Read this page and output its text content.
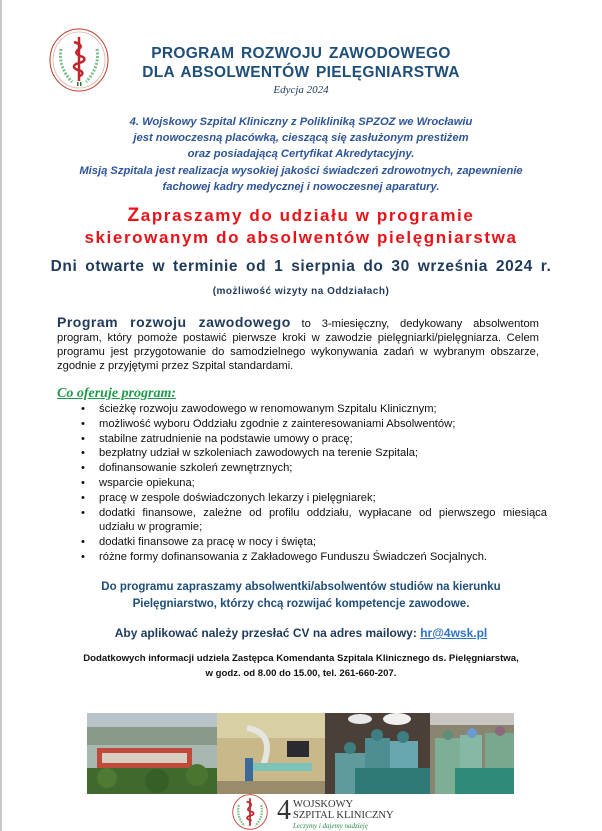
PROGRAM ROZWOJU ZAWODOWEGO
DLA ABSOLWENTÓW PIELĘGNIARSTWA
Edycja 2024
4. Wojskowy Szpital Kliniczny z Polikliniką SPZOZ we Wrocławiu
jest nowoczesną placówką, cieszącą się zasłużonym prestiżem
oraz posiadającą Certyfikat Akredytacyjny.
Misją Szpitala jest realizacja wysokiej jakości świadczeń zdrowotnych, zapewnienie
fachowej kadry medycznej i nowoczesnej aparatury.
Zapraszamy do udziału w programie
skierowanym do absolwentów pielęgniarstwa
Dni otwarte w terminie od 1 sierpnia do 30 września 2024 r.
(możliwość wizyty na Oddziałach)
Program rozwoju zawodowego to 3-miesięczny, dedykowany absolwentom program, który pomoże postawić pierwsze kroki w zawodzie pielęgniarki/pielęgniarza. Celem programu jest przygotowanie do samodzielnego wykonywania zadań w wybranym obszarze, zgodnie z przyjętymi przez Szpital standardami.
Co oferuje program:
• ścieżkę rozwoju zawodowego w renomowanym Szpitalu Klinicznym;
• możliwość wyboru Oddziału zgodnie z zainteresowaniami Absolwentów;
• stabilne zatrudnienie na podstawie umowy o pracę;
• bezpłatny udział w szkoleniach zawodowych na terenie Szpitala;
• dofinansowanie szkoleń zewnętrznych;
• wsparcie opiekuna;
• pracę w zespole doświadczonych lekarzy i pielęgniarek;
• dodatki finansowe, zależne od profilu oddziału, wypłacane od pierwszego miesiąca udziału w programie;
• dodatki finansowe za pracę w nocy i święta;
• różne formy dofinansowania z Zakładowego Funduszu Świadczeń Socjalnych.
Do programu zapraszamy absolwentki/absolwentów studiów na kierunku
Pielęgniarstwo, którzy chcą rozwijać kompetencje zawodowe.
Aby aplikować należy przesłać CV na adres mailowy: hr@4wsk.pl
Dodatkowych informacji udziela Zastępca Komendanta Szpitala Klinicznego ds. Pielęgniarstwa,
w godz. od 8.00 do 15.00, tel. 261-660-207.
4 WOJSKOWY
SZPITAL KLINICZNY
Leczymy i dajemy nadzieję
